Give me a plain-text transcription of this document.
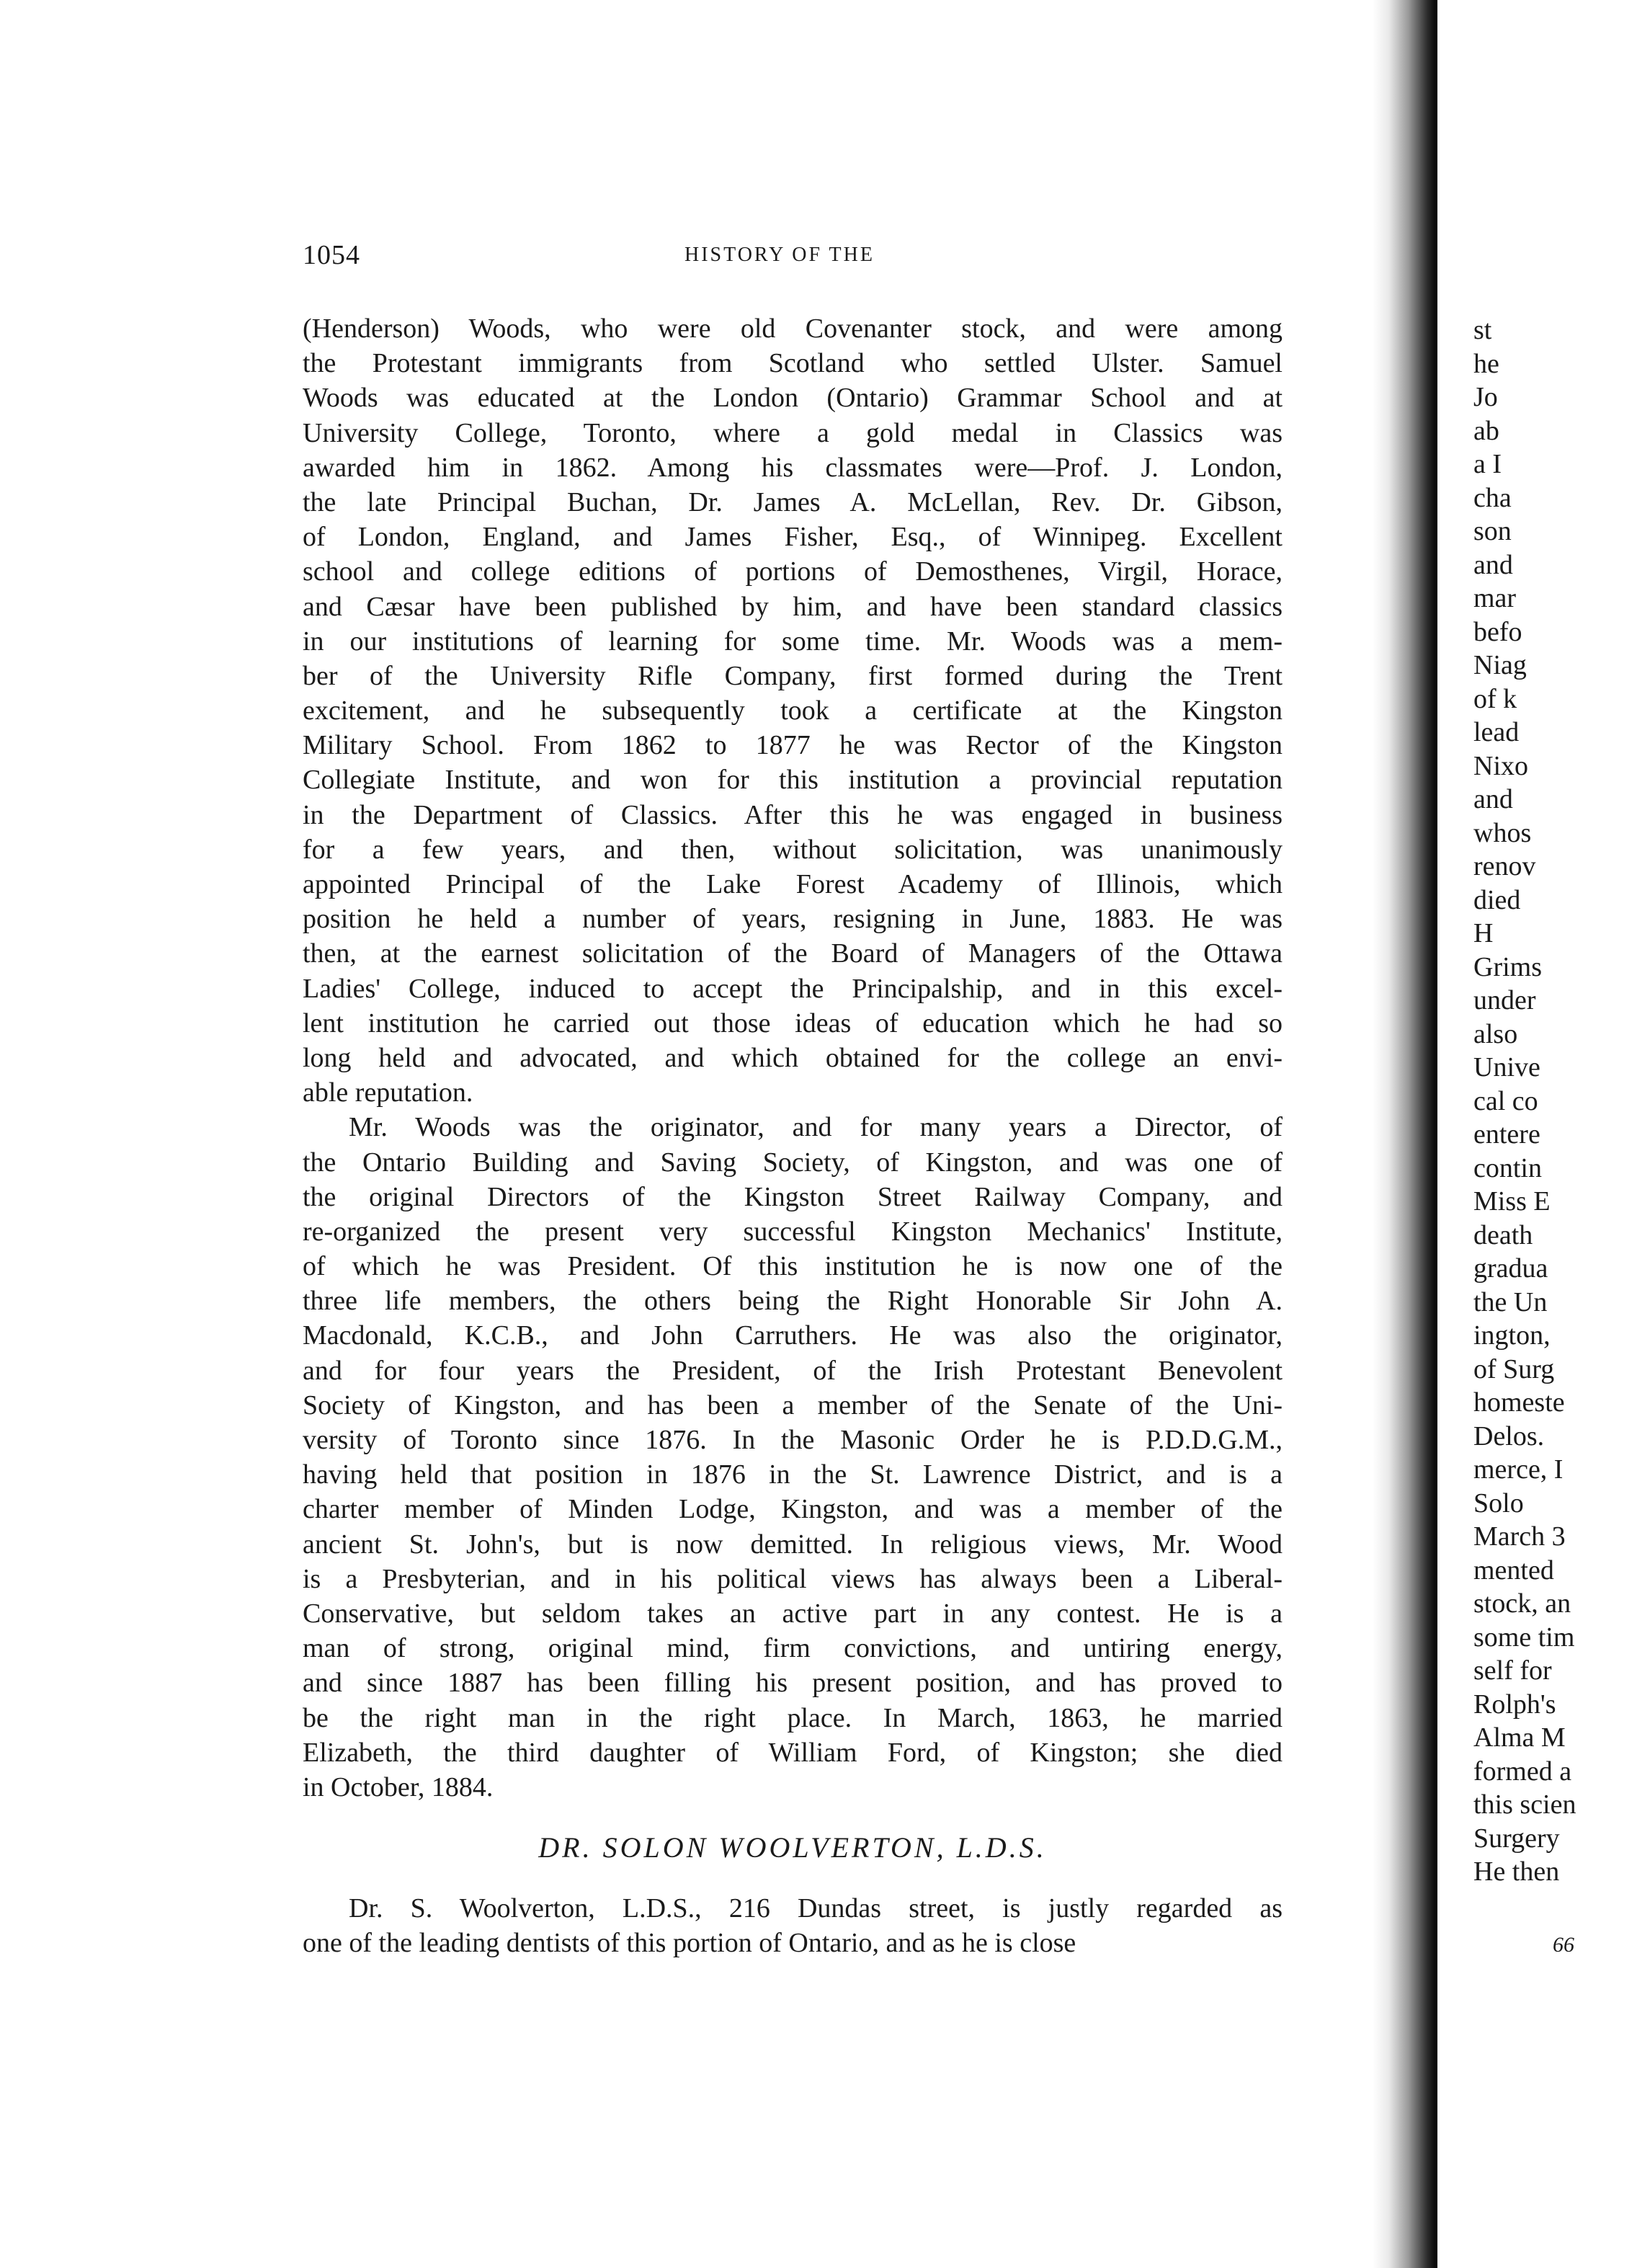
1054	HISTORY OF THE
(Henderson) Woods, who were old Covenanter stock, and were among
the Protestant immigrants from Scotland who settled Ulster. Samuel
Woods was educated at the London (Ontario) Grammar School and at
University College, Toronto, where a gold medal in Classics was
awarded him in 1862. Among his classmates were—Prof. J. London,
the late Principal Buchan, Dr. James A. McLellan, Rev. Dr. Gibson,
of London, England, and James Fisher, Esq., of Winnipeg. Excellent
school and college editions of portions of Demosthenes, Virgil, Horace,
and Cæsar have been published by him, and have been standard classics
in our institutions of learning for some time. Mr. Woods was a mem-
ber of the University Rifle Company, first formed during the Trent
excitement, and he subsequently took a certificate at the Kingston
Military School. From 1862 to 1877 he was Rector of the Kingston
Collegiate Institute, and won for this institution a provincial reputation
in the Department of Classics. After this he was engaged in business
for a few years, and then, without solicitation, was unanimously
appointed Principal of the Lake Forest Academy of Illinois, which
position he held a number of years, resigning in June, 1883. He was
then, at the earnest solicitation of the Board of Managers of the Ottawa
Ladies' College, induced to accept the Principalship, and in this excel-
lent institution he carried out those ideas of education which he had so
long held and advocated, and which obtained for the college an envi-
able reputation.
Mr. Woods was the originator, and for many years a Director, of
the Ontario Building and Saving Society, of Kingston, and was one of
the original Directors of the Kingston Street Railway Company, and
re-organized the present very successful Kingston Mechanics' Institute,
of which he was President. Of this institution he is now one of the
three life members, the others being the Right Honorable Sir John A.
Macdonald, K.C.B., and John Carruthers. He was also the originator,
and for four years the President, of the Irish Protestant Benevolent
Society of Kingston, and has been a member of the Senate of the Uni-
versity of Toronto since 1876. In the Masonic Order he is P.D.D.G.M.,
having held that position in 1876 in the St. Lawrence District, and is a
charter member of Minden Lodge, Kingston, and was a member of the
ancient St. John's, but is now demitted. In religious views, Mr. Wood
is a Presbyterian, and in his political views has always been a Liberal-
Conservative, but seldom takes an active part in any contest. He is a
man of strong, original mind, firm convictions, and untiring energy,
and since 1887 has been filling his present position, and has proved to
be the right man in the right place. In March, 1863, he married
Elizabeth, the third daughter of William Ford, of Kingston; she died
in October, 1884.
DR. SOLON WOOLVERTON, L.D.S.
Dr. S. Woolverton, L.D.S., 216 Dundas street, is justly regarded as
one of the leading dentists of this portion of Ontario, and as he is close
st
he
Jo
ab
a I
cha
son
and
mar
befo
Niag
of k
lead
Nixo
and
whos
renov
died
H
Grims
under
also
Unive
cal co
entere
contin
Miss E
death
gradua
the Un
ington,
of Surg
homeste
Delos.
merce, I
Solo
March 3
mented
stock, an
some tim
self for
Rolph's
Alma M
formed a
this scien
Surgery
He then
66
